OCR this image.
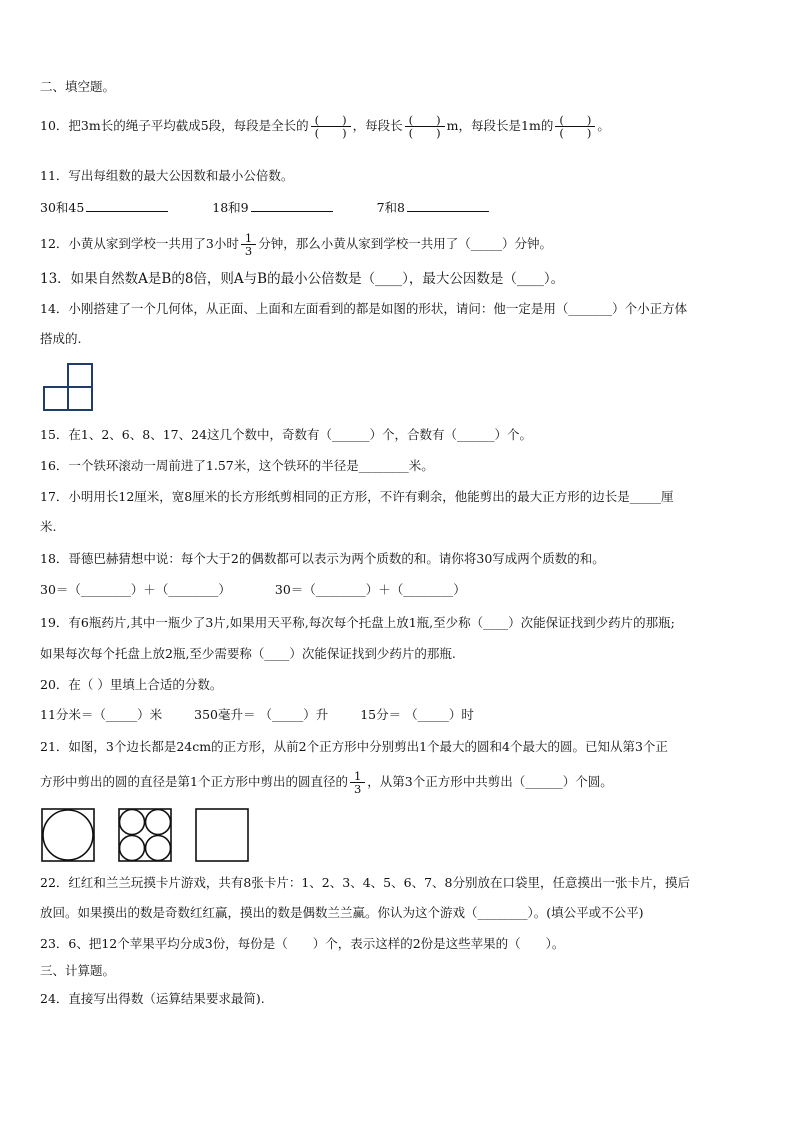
二、填空题。
10．把3m长的绳子平均截成5段，每段是全长的 $\frac{( )}{( )}$ ，每段长 $\frac{( )}{( )}$ m，每段长是1m的 $\frac{( )}{( )}$ 。
11．写出每组数的最大公因数和最小公倍数。
30和45	18和9	7和8
12．小黄从家到学校一共用了3小时 $\frac{1}{3}$ 分钟，那么小黄从家到学校一共用了（_____）分钟。
13．如果自然数A是B的8倍，则A与B的最小公倍数是（____），最大公因数是（____）。
14．小刚搭建了一个几何体，从正面、上面和左面看到的都是如图的形状，请问：他一定是用（_______）个小正方体
搭成的.
15．在1、2、6、8、17、24这几个数中，奇数有（______）个，合数有（______）个。
16．一个铁环滚动一周前进了1.57米，这个铁环的半径是________米。
17．小明用长12厘米，宽8厘米的长方形纸剪相同的正方形，不许有剩余，他能剪出的最大正方形的边长是_____厘
米.
18．哥德巴赫猜想中说：每个大于2的偶数都可以表示为两个质数的和。请你将30写成两个质数的和。
30＝（________）＋（________）	30＝（________）＋（________）
19．有6瓶药片,其中一瓶少了3片,如果用天平称,每次每个托盘上放1瓶,至少称（____）次能保证找到少药片的那瓶;
如果每次每个托盘上放2瓶,至少需要称（____）次能保证找到少药片的那瓶.
20．在（ ）里填上合适的分数。
11分米＝（_____）米	350毫升＝ （_____）升	15分＝ （_____）时
21．如图，3个边长都是24cm的正方形，从前2个正方形中分别剪出1个最大的圆和4个最大的圆。已知从第3个正
方形中剪出的圆的直径是第1个正方形中剪出的圆直径的 $\frac{1}{3}$ ，从第3个正方形中共剪出（______）个圆。
22．红红和兰兰玩摸卡片游戏，共有8张卡片：1、2、3、4、5、6、7、8分别放在口袋里，任意摸出一张卡片，摸后
放回。如果摸出的数是奇数红红赢，摸出的数是偶数兰兰赢。你认为这个游戏（________）。(填公平或不公平)
23．6、把12个苹果平均分成3份，每份是（　　）个，表示这样的2份是这些苹果的（　　）。
三、计算题。
24．直接写出得数（运算结果要求最简).
